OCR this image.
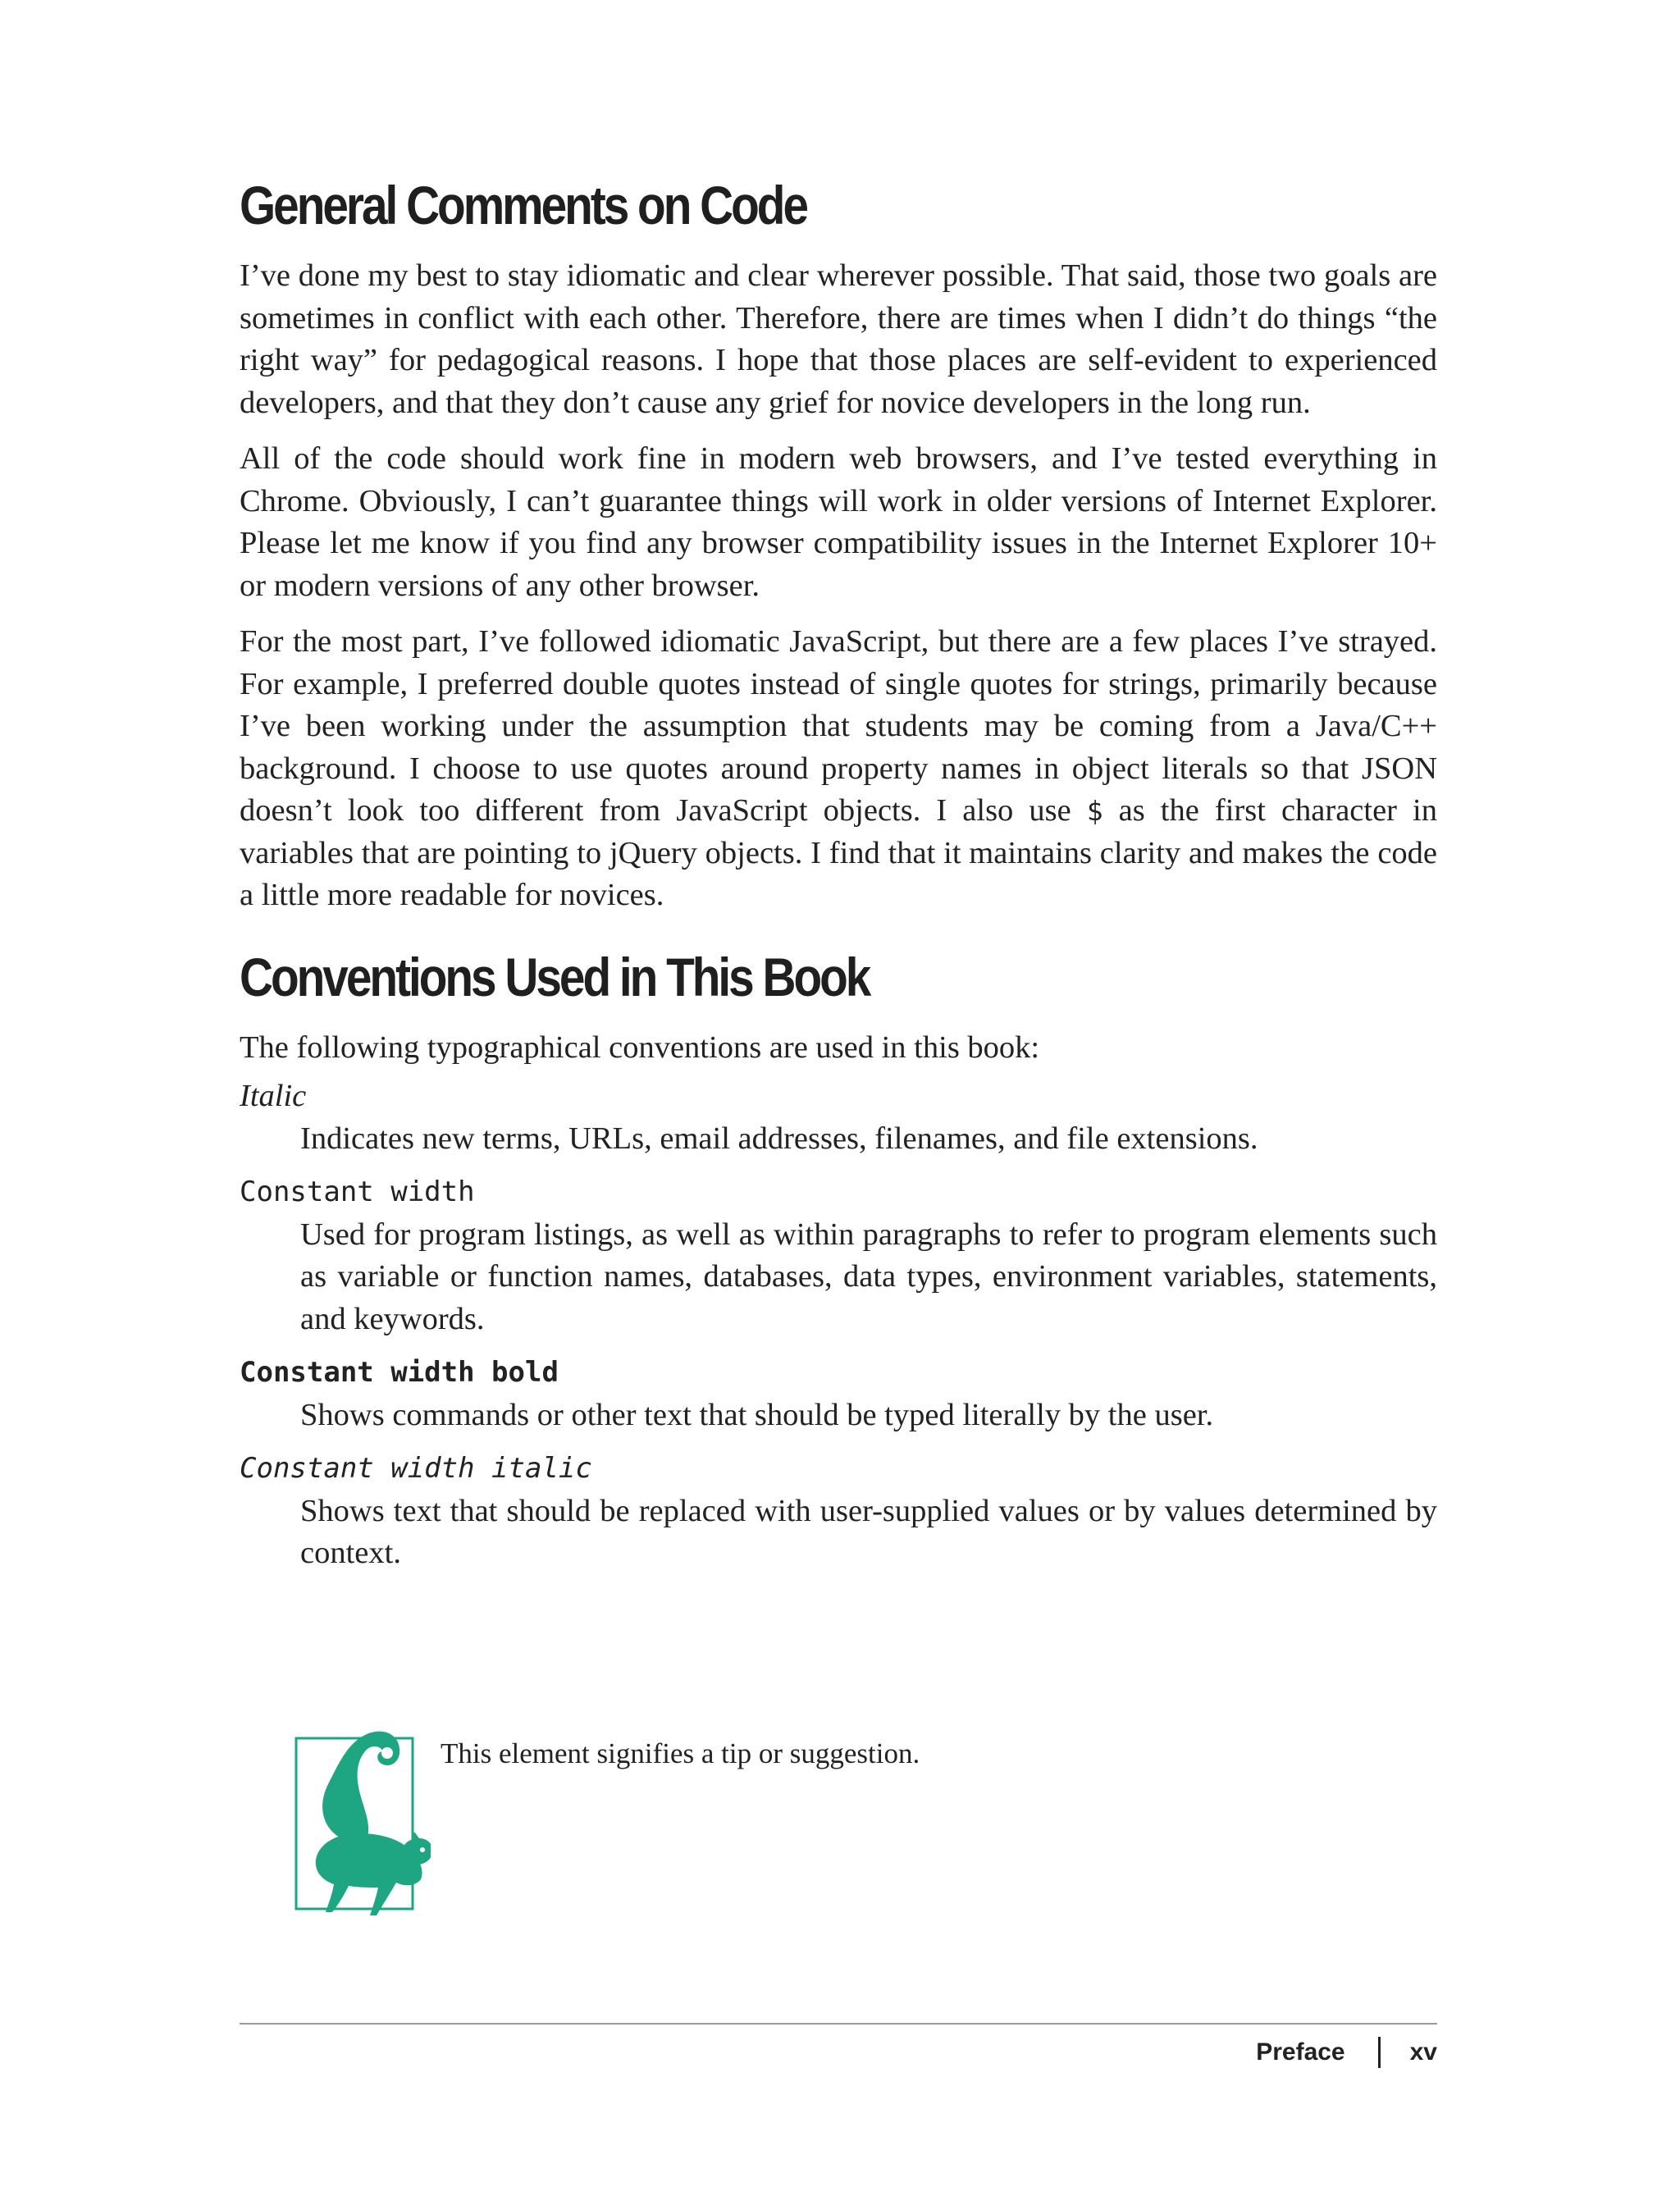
General Comments on Code

I’ve done my best to stay idiomatic and clear wherever possible. That said, those two goals are sometimes in conflict with each other. Therefore, there are times when I didn’t do things “the right way” for pedagogical reasons. I hope that those places are self-evident to experienced developers, and that they don’t cause any grief for novice developers in the long run.

All of the code should work fine in modern web browsers, and I’ve tested everything in Chrome. Obviously, I can’t guarantee things will work in older versions of Internet Explorer. Please let me know if you find any browser compatibility issues in the Internet Explorer 10+ or modern versions of any other browser.

For the most part, I’ve followed idiomatic JavaScript, but there are a few places I’ve strayed. For example, I preferred double quotes instead of single quotes for strings, primarily because I’ve been working under the assumption that students may be coming from a Java/C++ background. I choose to use quotes around property names in object literals so that JSON doesn’t look too different from JavaScript objects. I also use $ as the first character in variables that are pointing to jQuery objects. I find that it maintains clarity and makes the code a little more readable for novices.

Conventions Used in This Book

The following typographical conventions are used in this book:

Italic

Indicates new terms, URLs, email addresses, filenames, and file extensions.

Constant width

Used for program listings, as well as within paragraphs to refer to program elements such as variable or function names, databases, data types, environment variables, statements, and keywords.

Constant width bold

Shows commands or other text that should be typed literally by the user.

Constant width italic

Shows text that should be replaced with user-supplied values or by values determined by context.

This element signifies a tip or suggestion.
Preface	xv
